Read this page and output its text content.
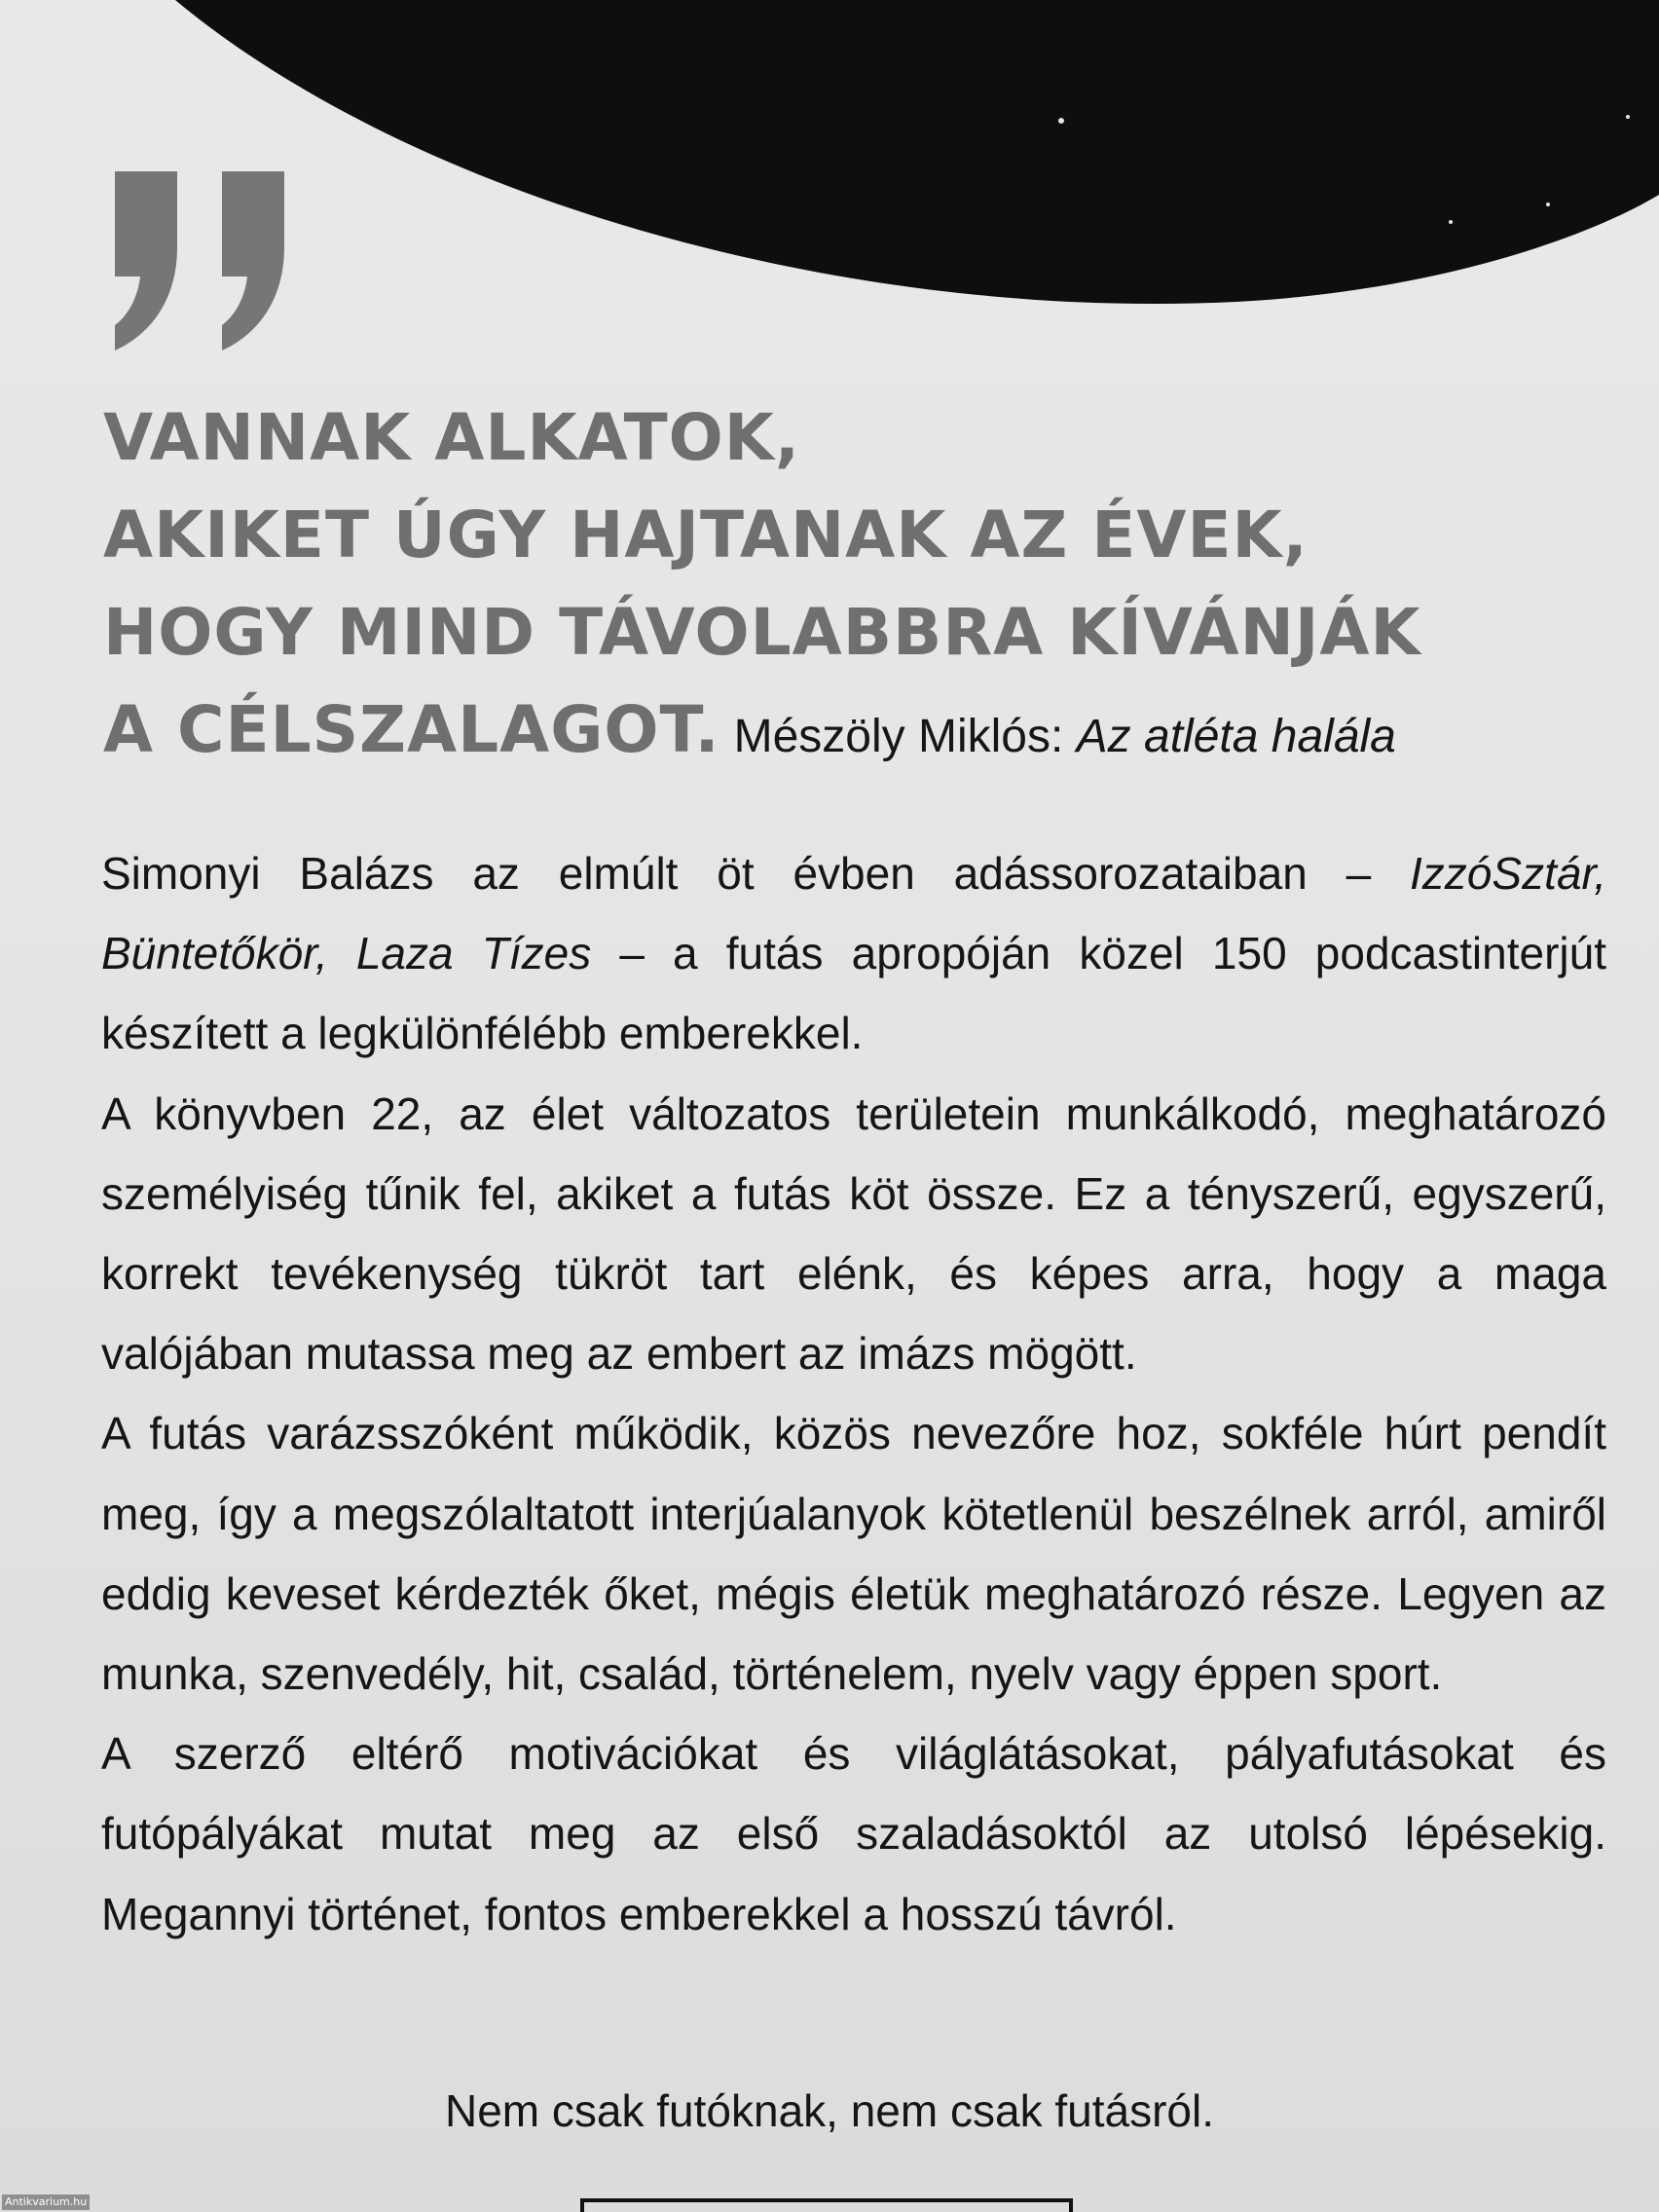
VANNAK ALKATOK,
AKIKET ÚGY HAJTANAK AZ ÉVEK,
HOGY MIND TÁVOLABBRA KÍVÁNJÁK
A CÉLSZALAGOT. Mészöly Miklós: Az atléta halála

Simonyi Balázs az elmúlt öt évben adássorozataiban – IzzóSztár, Büntetőkör, Laza Tízes – a futás apropóján közel 150 podcastinterjút készített a legkülönfélébb emberekkel.

A könyvben 22, az élet változatos területein munkálkodó, meghatározó személyiség tűnik fel, akiket a futás köt össze. Ez a tényszerű, egyszerű, korrekt tevékenység tükröt tart elénk, és képes arra, hogy a maga valójában mutassa meg az embert az imázs mögött.

A futás varázsszóként működik, közös nevezőre hoz, sokféle húrt pendít meg, így a megszólaltatott interjúalanyok kötetlenül beszélnek arról, amiről eddig keveset kérdezték őket, mégis életük meghatározó része. Legyen az munka, szenvedély, hit, család, történelem, nyelv vagy éppen sport.

A szerző eltérő motivációkat és világlátásokat, pályafutásokat és futópályákat mutat meg az első szaladásoktól az utolsó lépésekig. Megannyi történet, fontos emberekkel a hosszú távról.

Nem csak futóknak, nem csak futásról.

Antikvarium.hu
